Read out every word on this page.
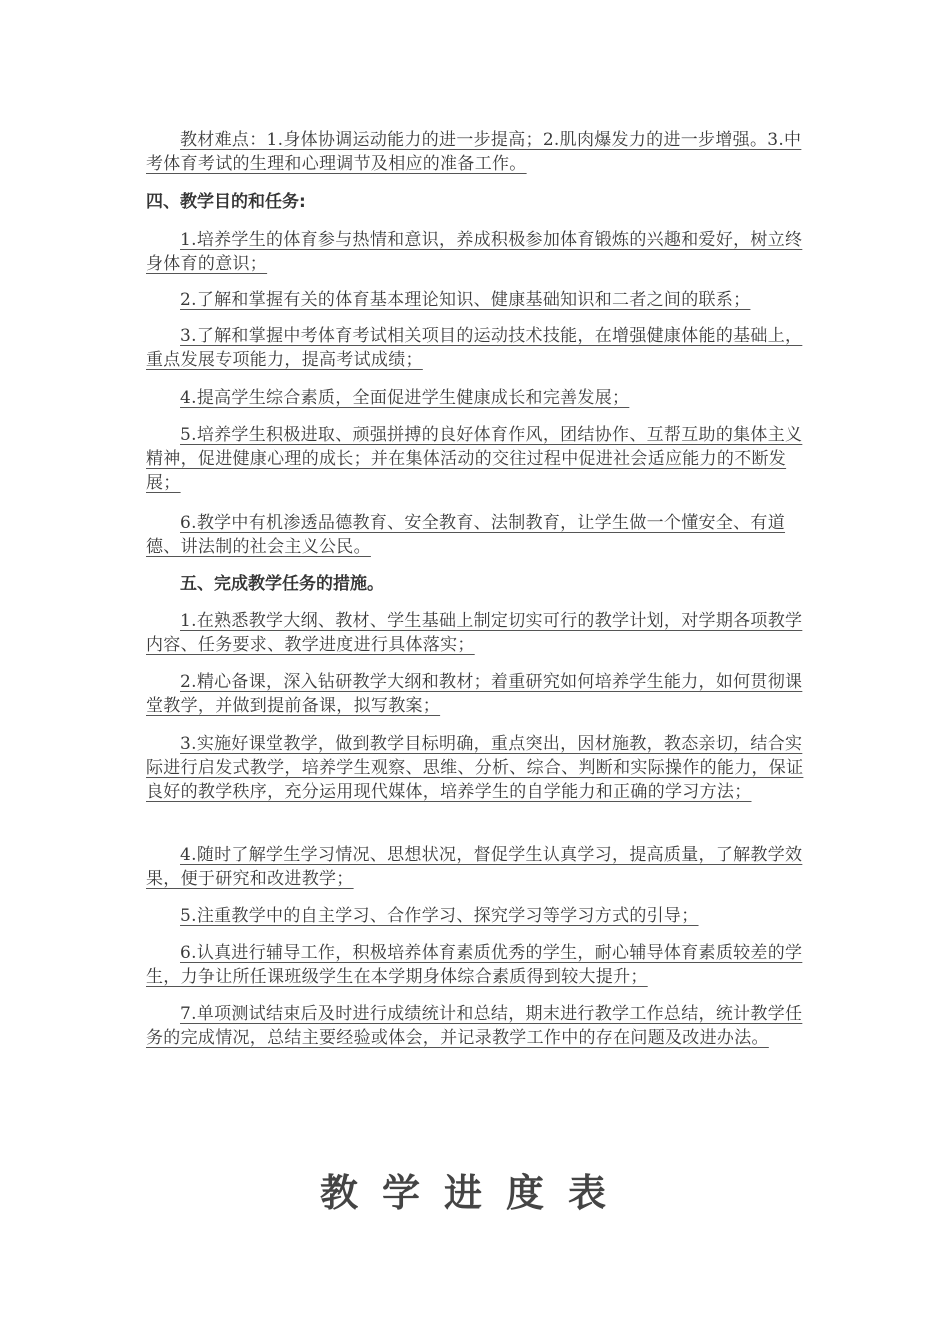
教材难点：1.身体协调运动能力的进一步提高；2.肌肉爆发力的进一步增强。3.中考体育考试的生理和心理调节及相应的准备工作。

四、教学目的和任务:

1.培养学生的体育参与热情和意识，养成积极参加体育锻炼的兴趣和爱好，树立终身体育的意识；

2.了解和掌握有关的体育基本理论知识、健康基础知识和二者之间的联系；

3.了解和掌握中考体育考试相关项目的运动技术技能，在增强健康体能的基础上，重点发展专项能力，提高考试成绩；

4.提高学生综合素质，全面促进学生健康成长和完善发展；

5.培养学生积极进取、顽强拼搏的良好体育作风，团结协作、互帮互助的集体主义精神，促进健康心理的成长；并在集体活动的交往过程中促进社会适应能力的不断发展；

6.教学中有机渗透品德教育、安全教育、法制教育，让学生做一个懂安全、有道德、讲法制的社会主义公民。

五、完成教学任务的措施。

1.在熟悉教学大纲、教材、学生基础上制定切实可行的教学计划，对学期各项教学内容、任务要求、教学进度进行具体落实；

2.精心备课，深入钻研教学大纲和教材；着重研究如何培养学生能力，如何贯彻课堂教学，并做到提前备课，拟写教案；

3.实施好课堂教学，做到教学目标明确，重点突出，因材施教，教态亲切，结合实际进行启发式教学，培养学生观察、思维、分析、综合、判断和实际操作的能力，保证良好的教学秩序，充分运用现代媒体，培养学生的自学能力和正确的学习方法；

4.随时了解学生学习情况、思想状况，督促学生认真学习，提高质量，了解教学效果，便于研究和改进教学；

5.注重教学中的自主学习、合作学习、探究学习等学习方式的引导；

6.认真进行辅导工作，积极培养体育素质优秀的学生，耐心辅导体育素质较差的学生，力争让所任课班级学生在本学期身体综合素质得到较大提升；

7.单项测试结束后及时进行成绩统计和总结，期末进行教学工作总结，统计教学任务的完成情况，总结主要经验或体会，并记录教学工作中的存在问题及改进办法。

教学进度表
